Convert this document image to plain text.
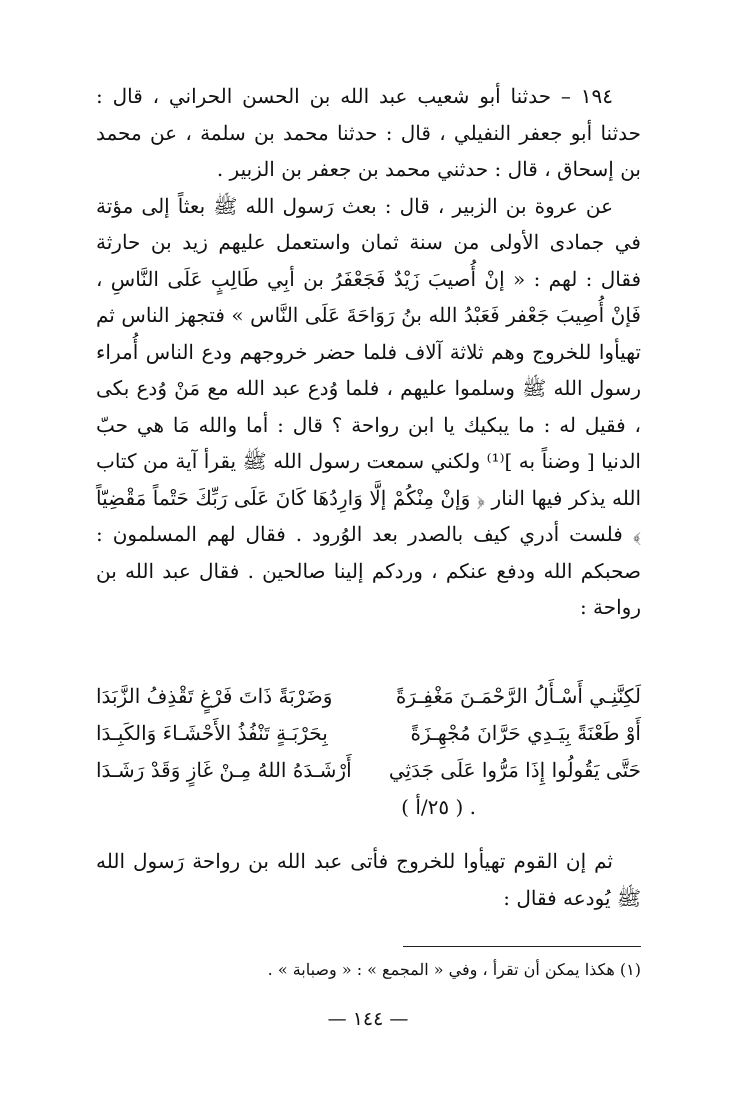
١٩٤ – حدثنا أبو شعيب عبد الله بن الحسن الحراني ، قال : حدثنا أبو جعفر النفيلي ، قال : حدثنا محمد بن سلمة ، عن محمد بن إسحاق ، قال : حدثني محمد بن جعفر بن الزبير .

عن عروة بن الزبير ، قال : بعث رَسول الله ﷺ بعثاً إلى مؤتة في جمادى الأولى من سنة ثمان واستعمل عليهم زيد بن حارثة فقال : لهم : « إنْ أُصيبَ زَيْدٌ فَجَعْفَرُ بن أبِي طَالِبٍ عَلَى النَّاسِ ، فَإنْ أُصِيبَ جَعْفر فَعَبْدُ الله بنُ رَوَاحَةَ عَلَى النَّاس » فتجهز الناس ثم تهيأوا للخروج وهم ثلاثة آلاف فلما حضر خروجهم ودع الناس أُمراء رسول الله ﷺ وسلموا عليهم ، فلما وُدع عبد الله مع مَنْ وُدع بكى ، فقيل له : ما يبكيك يا ابن رواحة ؟ قال : أما والله مَا هي حبّ الدنيا [ وضناً به ]⁽¹⁾ ولكني سمعت رسول الله ﷺ يقرأ آية من كتاب الله يذكر فيها النار ﴿ وَإنْ مِنْكُمْ إلَّا وَارِدُهَا كَانَ عَلَى رَبِّكَ حَتْماً مَقْضِيّاً ﴾ فلست أدري كيف بالصدر بعد الوُرود . فقال لهم المسلمون : صحبكم الله ودفع عنكم ، وردكم إلينا صالحين . فقال عبد الله بن رواحة :

لَكِنَّنِـي أَسْـأَلُ الرَّحْمَـنَ مَغْفِـرَةً
وَضَرْبَةً ذَاتَ فَرْغٍ تَقْذِفُ الزَّبَدَا
أَوْ طَعْنَةً بِيَـدِي حَرَّانَ مُجْهِـزَةً
بِحَرْبَـةٍ تَنْفُذُ الأَحْشَـاءَ وَالكَبِـدَا
حَتَّى يَقُولُوا إِذَا مَرُّوا عَلَى جَدَثِي
أَرْشَـدَهُ اللهُ مِـنْ غَازٍ وَقَدْ رَشَـدَا
. ( ٢٥/أ )

ثم إن القوم تهيأوا للخروج فأتى عبد الله بن رواحة رَسول الله ﷺ يُودعه فقال :

(١) هكذا يمكن أن تقرأ ، وفي « المجمع » : « وصبابة » .
— ١٤٤ —
